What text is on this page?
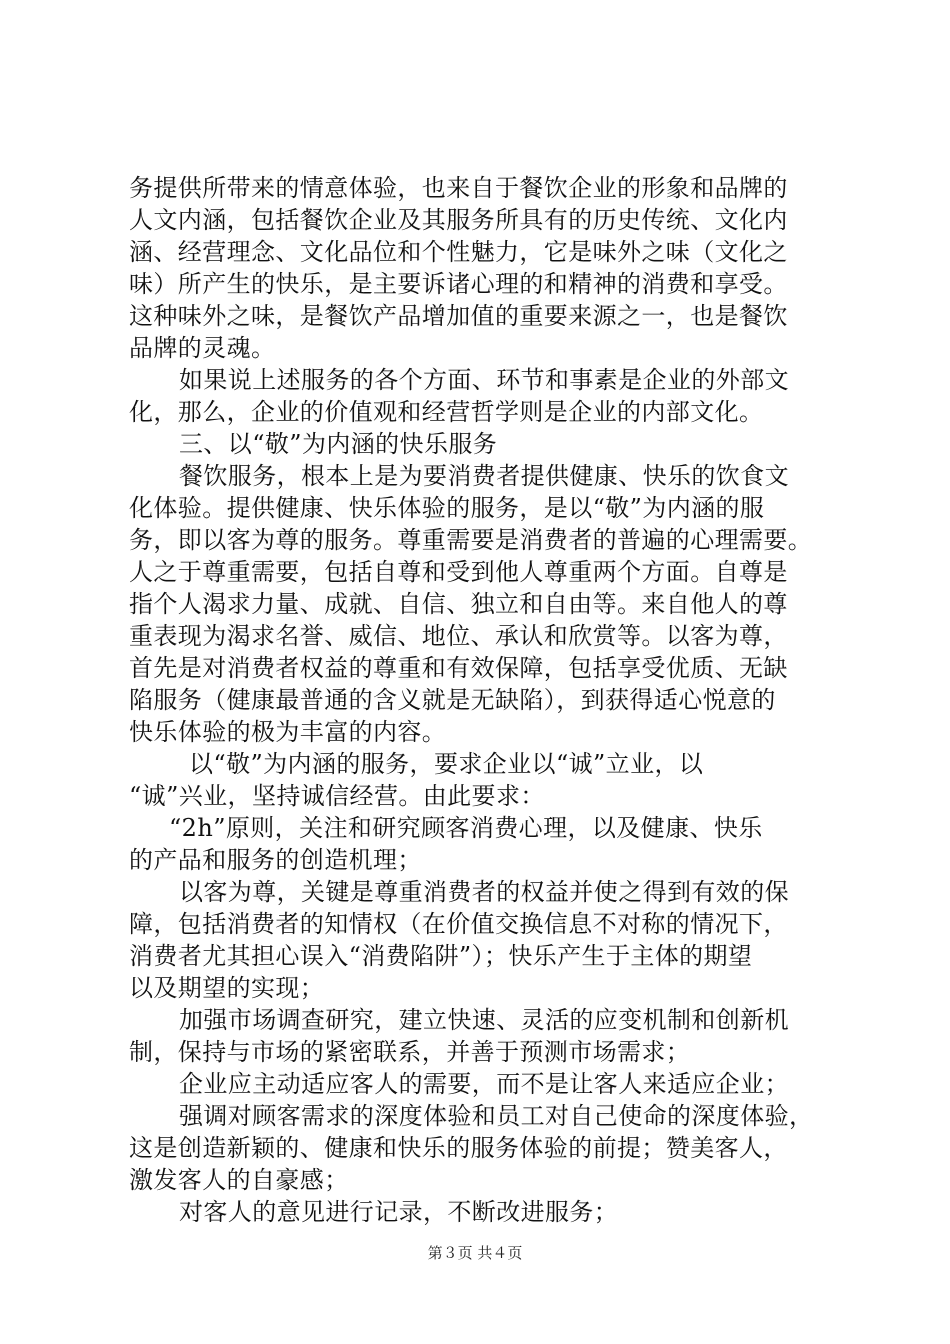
务提供所带来的情意体验，也来自于餐饮企业的形象和品牌的
人文内涵，包括餐饮企业及其服务所具有的历史传统、文化内
涵、经营理念、文化品位和个性魅力，它是味外之味（文化之
味）所产生的快乐，是主要诉诸心理的和精神的消费和享受。
这种味外之味，是餐饮产品增加值的重要来源之一，也是餐饮
品牌的灵魂。
如果说上述服务的各个方面、环节和事素是企业的外部文
化，那么，企业的价值观和经营哲学则是企业的内部文化。
三、以“敬”为内涵的快乐服务
餐饮服务，根本上是为要消费者提供健康、快乐的饮食文
化体验。提供健康、快乐体验的服务，是以“敬”为内涵的服
务，即以客为尊的服务。尊重需要是消费者的普遍的心理需要。
人之于尊重需要，包括自尊和受到他人尊重两个方面。自尊是
指个人渴求力量、成就、自信、独立和自由等。来自他人的尊
重表现为渴求名誉、威信、地位、承认和欣赏等。以客为尊，
首先是对消费者权益的尊重和有效保障，包括享受优质、无缺
陷服务（健康最普通的含义就是无缺陷），到获得适心悦意的
快乐体验的极为丰富的内容。
以“敬”为内涵的服务，要求企业以“诚”立业，以
“诚”兴业，坚持诚信经营。由此要求：
“2h”原则，关注和研究顾客消费心理，以及健康、快乐
的产品和服务的创造机理；
以客为尊，关键是尊重消费者的权益并使之得到有效的保
障，包括消费者的知情权（在价值交换信息不对称的情况下，
消费者尤其担心误入“消费陷阱”）；快乐产生于主体的期望
以及期望的实现；
加强市场调查研究，建立快速、灵活的应变机制和创新机
制，保持与市场的紧密联系，并善于预测市场需求；
企业应主动适应客人的需要，而不是让客人来适应企业；
强调对顾客需求的深度体验和员工对自己使命的深度体验，
这是创造新颖的、健康和快乐的服务体验的前提；赞美客人，
激发客人的自豪感；
对客人的意见进行记录，不断改进服务；
第３页 共４页
